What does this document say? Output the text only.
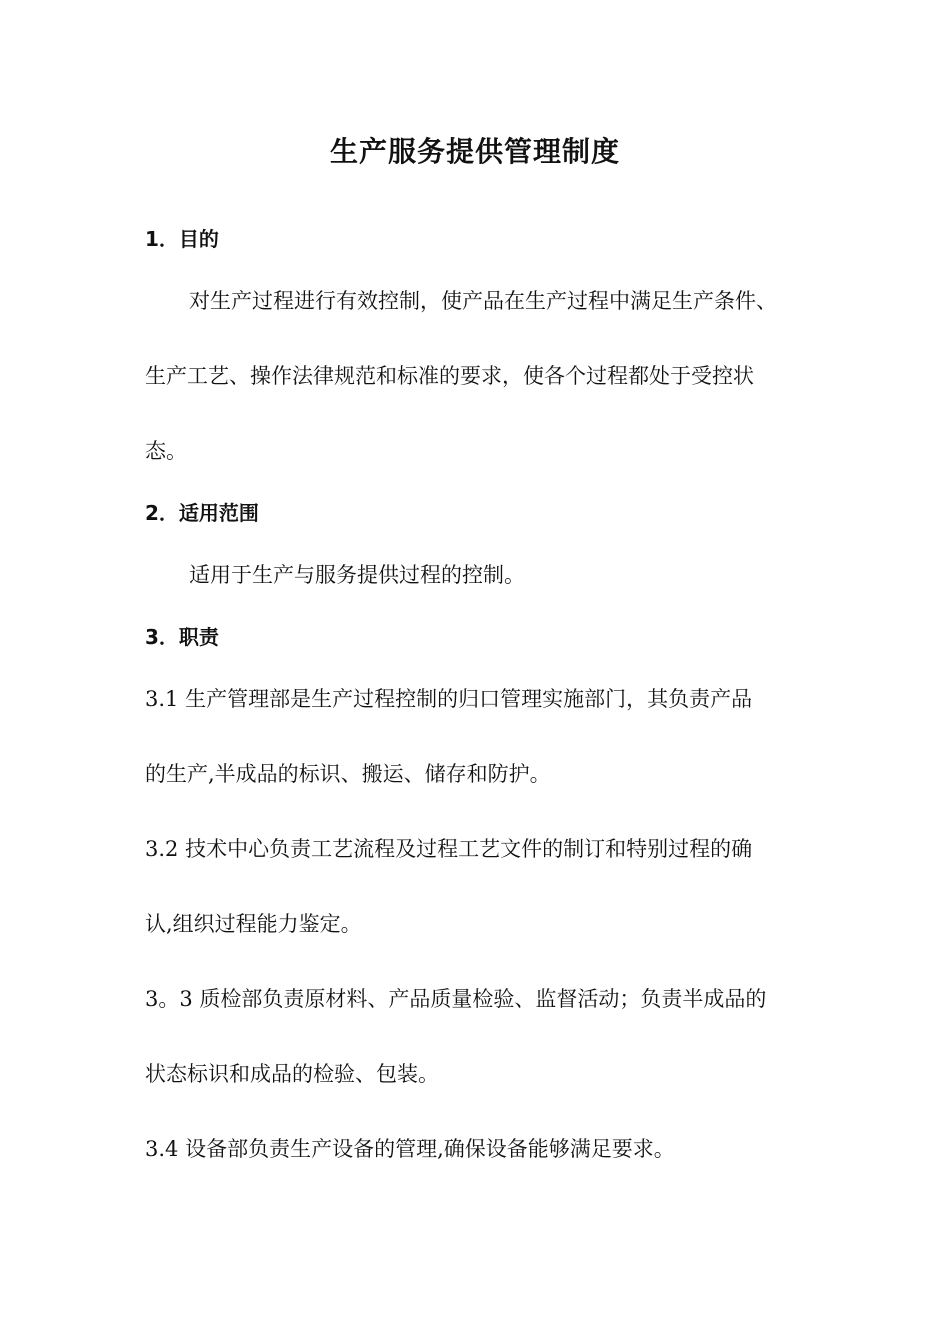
生产服务提供管理制度
1．目的
对生产过程进行有效控制，使产品在生产过程中满足生产条件、
生产工艺、操作法律规范和标准的要求，使各个过程都处于受控状
态。
2．适用范围
适用于生产与服务提供过程的控制。
3．职责
3.1 生产管理部是生产过程控制的归口管理实施部门，其负责产品
的生产,半成品的标识、搬运、储存和防护。
3.2 技术中心负责工艺流程及过程工艺文件的制订和特别过程的确
认,组织过程能力鉴定。
3。3 质检部负责原材料、产品质量检验、监督活动；负责半成品的
状态标识和成品的检验、包装。
3.4 设备部负责生产设备的管理,确保设备能够满足要求。
